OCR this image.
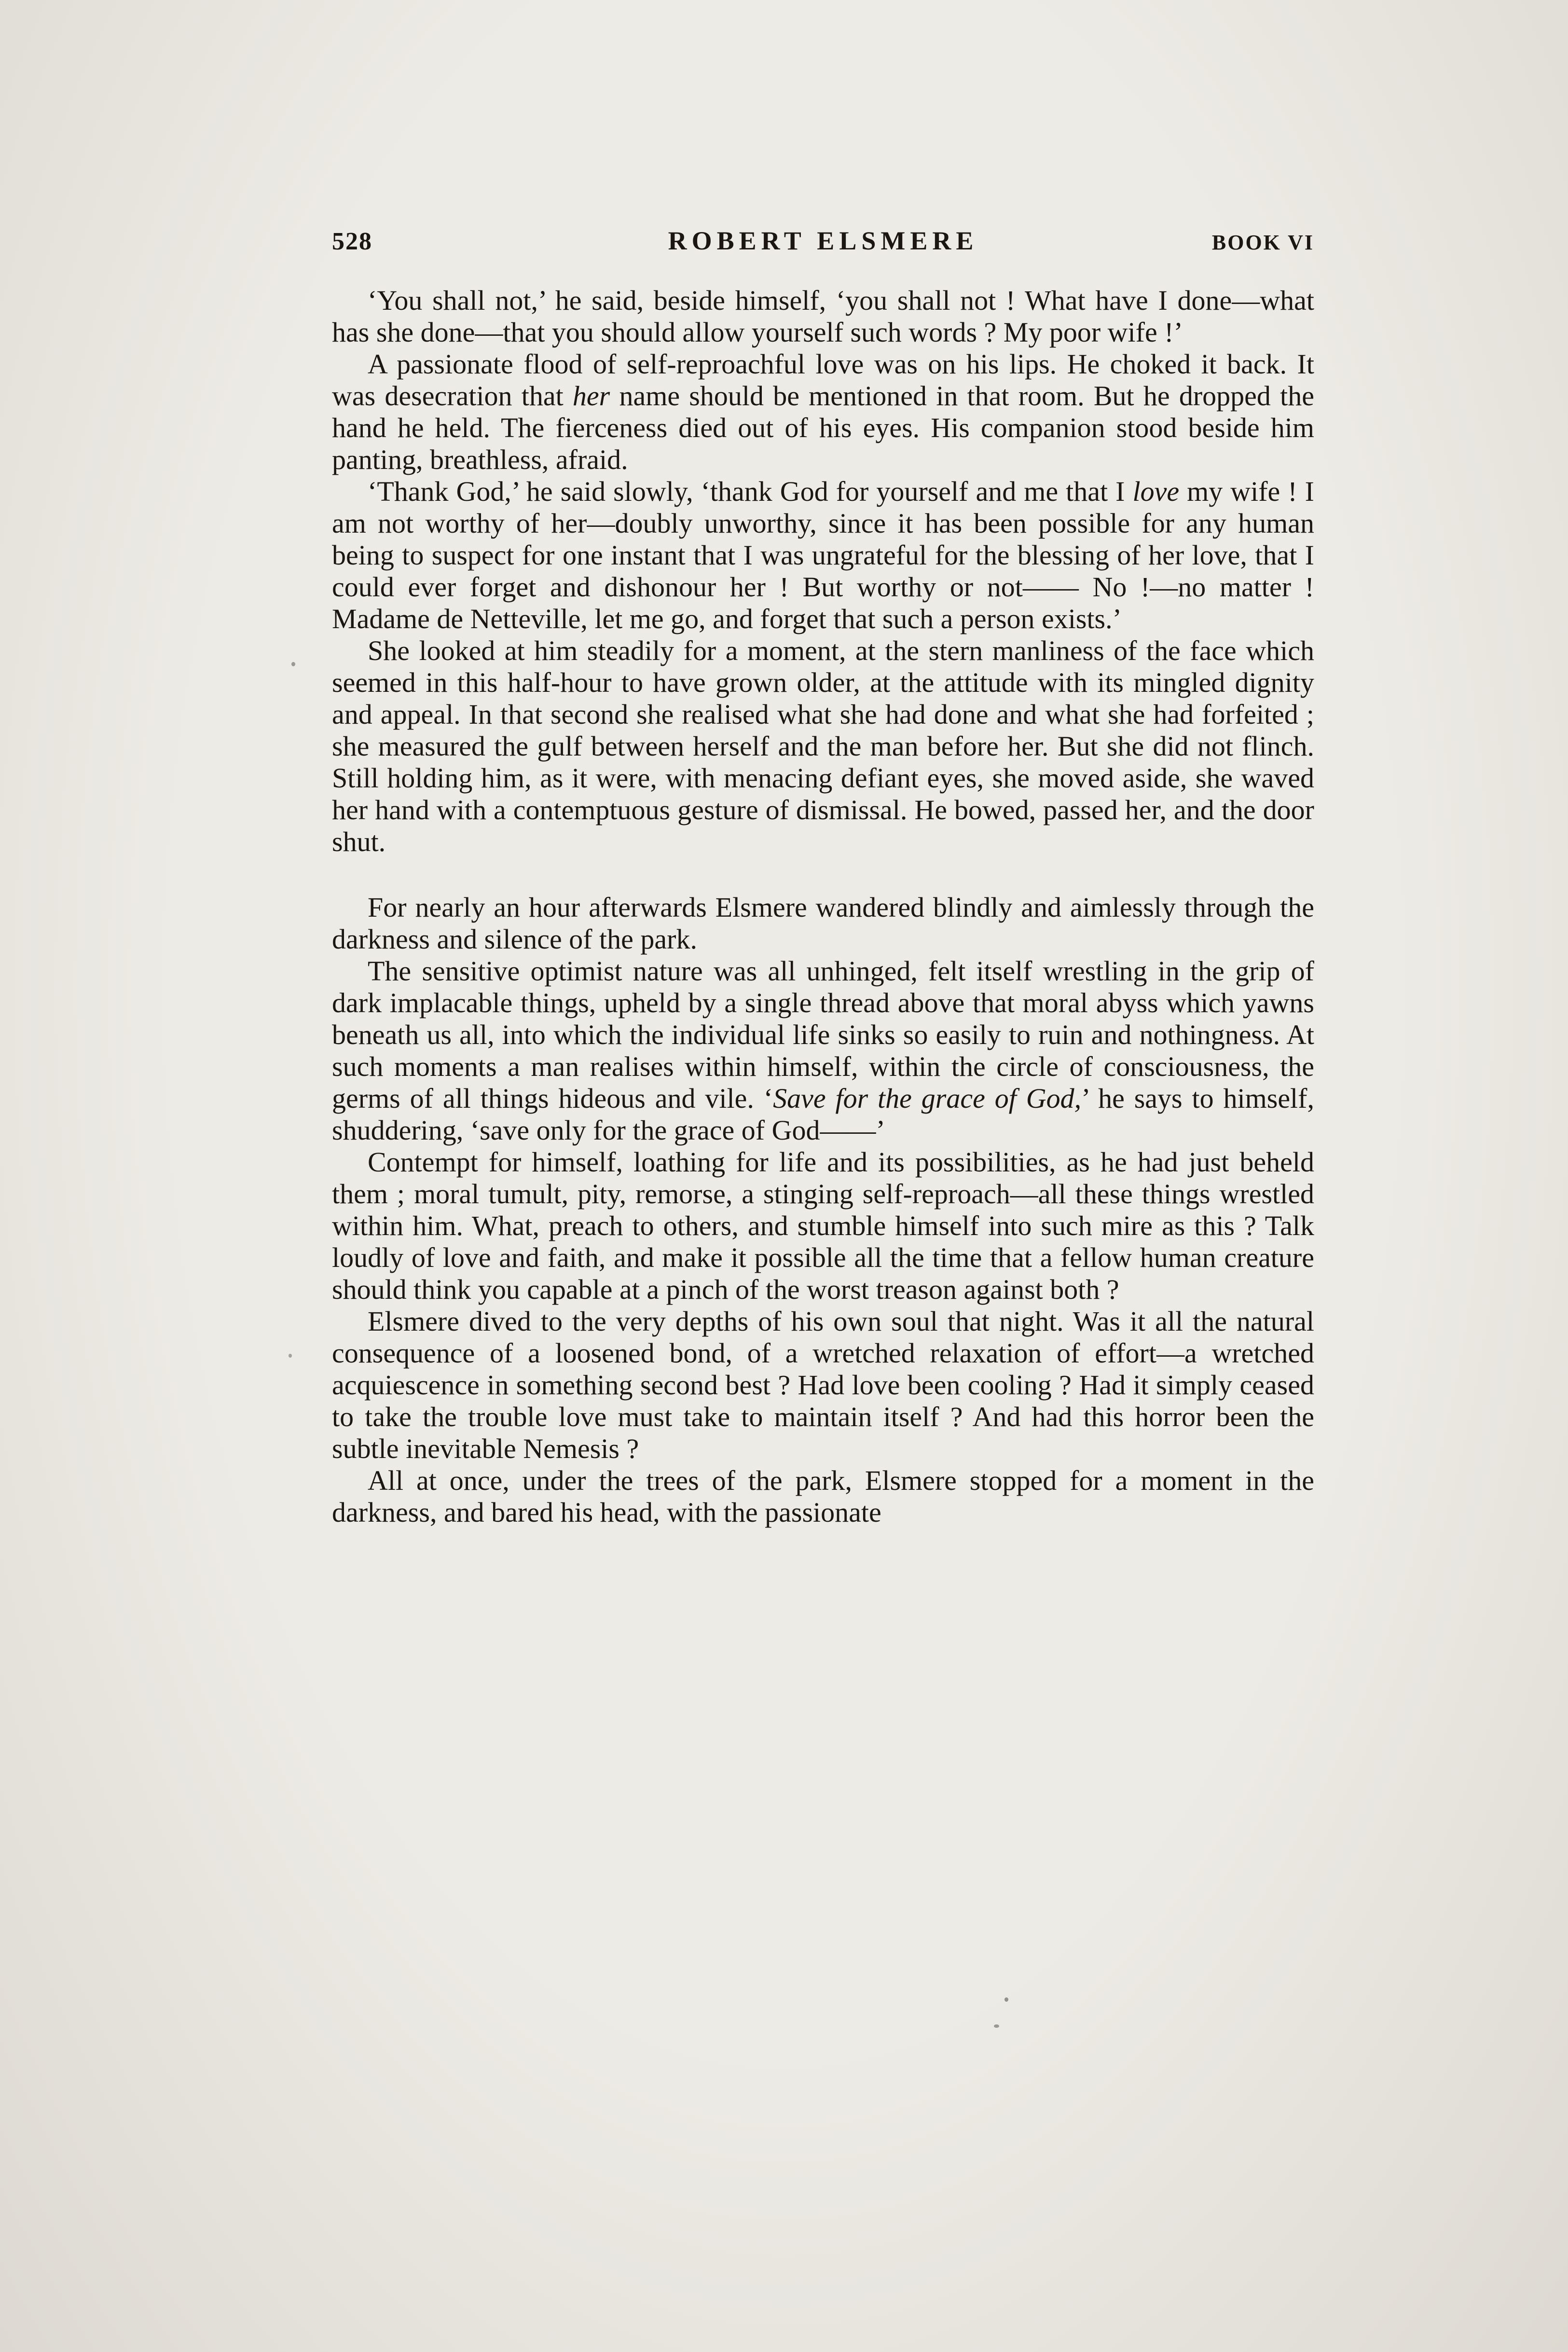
528	ROBERT ELSMERE	BOOK VI

‘You shall not,’ he said, beside himself, ‘you shall not ! What have I done—what has she done—that you should allow yourself such words ? My poor wife !’

A passionate flood of self-reproachful love was on his lips. He choked it back. It was desecration that her name should be mentioned in that room. But he dropped the hand he held. The fierceness died out of his eyes. His companion stood beside him panting, breathless, afraid.

‘Thank God,’ he said slowly, ‘thank God for yourself and me that I love my wife ! I am not worthy of her—doubly unworthy, since it has been possible for any human being to suspect for one instant that I was ungrateful for the blessing of her love, that I could ever forget and dishonour her ! But worthy or not—— No !—no matter ! Madame de Netteville, let me go, and forget that such a person exists.’

She looked at him steadily for a moment, at the stern manliness of the face which seemed in this half-hour to have grown older, at the attitude with its mingled dignity and appeal. In that second she realised what she had done and what she had forfeited ; she measured the gulf between herself and the man before her. But she did not flinch. Still holding him, as it were, with menacing defiant eyes, she moved aside, she waved her hand with a contemptuous gesture of dismissal. He bowed, passed her, and the door shut.

For nearly an hour afterwards Elsmere wandered blindly and aimlessly through the darkness and silence of the park.

The sensitive optimist nature was all unhinged, felt itself wrestling in the grip of dark implacable things, upheld by a single thread above that moral abyss which yawns beneath us all, into which the individual life sinks so easily to ruin and nothingness. At such moments a man realises within himself, within the circle of consciousness, the germs of all things hideous and vile. ‘Save for the grace of God,’ he says to himself, shuddering, ‘save only for the grace of God——’

Contempt for himself, loathing for life and its possibilities, as he had just beheld them ; moral tumult, pity, remorse, a stinging self-reproach—all these things wrestled within him. What, preach to others, and stumble himself into such mire as this ? Talk loudly of love and faith, and make it possible all the time that a fellow human creature should think you capable at a pinch of the worst treason against both ?

Elsmere dived to the very depths of his own soul that night. Was it all the natural consequence of a loosened bond, of a wretched relaxation of effort—a wretched acquiescence in something second best ? Had love been cooling ? Had it simply ceased to take the trouble love must take to maintain itself ? And had this horror been the subtle inevitable Nemesis ?

All at once, under the trees of the park, Elsmere stopped for a moment in the darkness, and bared his head, with the passionate
